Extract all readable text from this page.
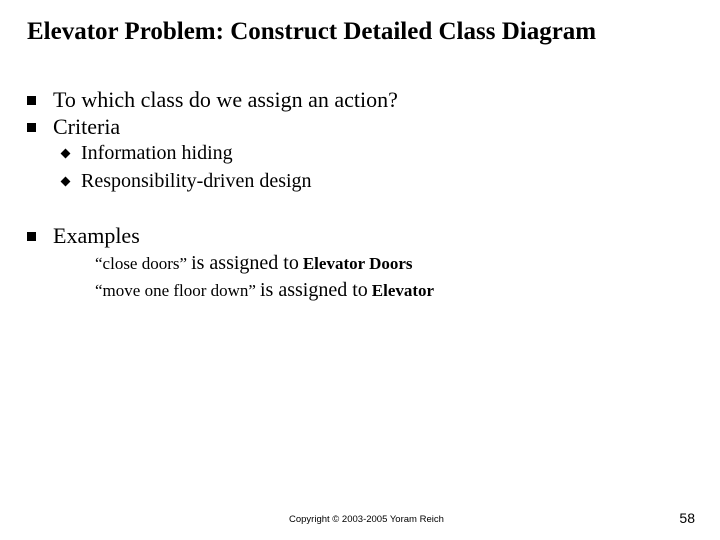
Elevator Problem: Construct Detailed Class Diagram
To which class do we assign an action?
Criteria
Information hiding
Responsibility-driven design
Examples
“close doors” is assigned to Elevator Doors
“move one floor down” is assigned to Elevator
Copyright © 2003-2005 Yoram Reich	58
